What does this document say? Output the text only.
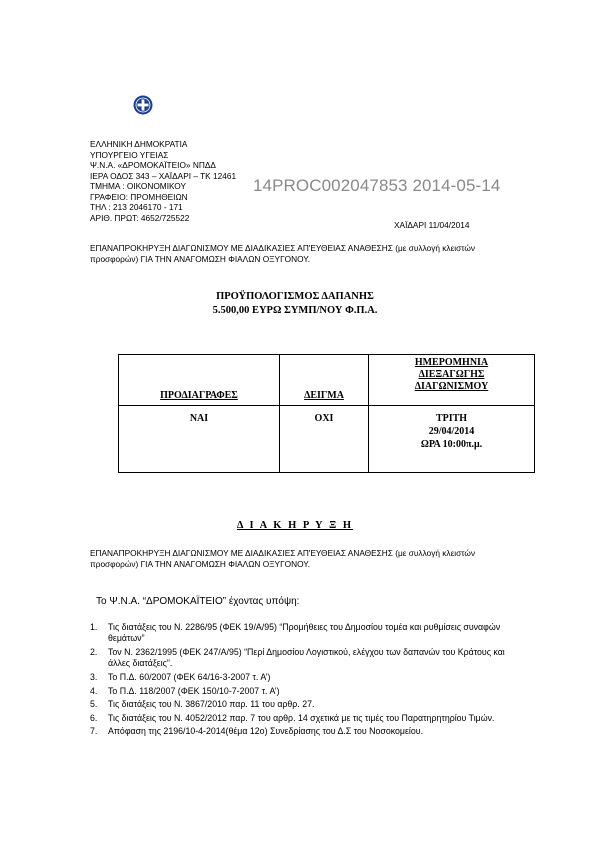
ΕΛΛΗΝΙΚΗ ΔΗΜΟΚΡΑΤΙΑ
ΥΠΟΥΡΓΕΙΟ ΥΓΕΙΑΣ
Ψ.Ν.Α. «ΔΡΟΜΟΚΑΪΤΕΙΟ» ΝΠΔΔ
ΙΕΡΑ ΟΔΟΣ 343 – ΧΑΪΔΑΡΙ – ΤΚ 12461
ΤΜΗΜΑ : ΟΙΚΟΝΟΜΙΚΟΥ
ΓΡΑΦΕΙΟ: ΠΡΟΜΗΘΕΙΩΝ
ΤΗΛ : 213 2046170 - 171
ΑΡΙΘ. ΠΡΩΤ: 4652/725522
14PROC002047853 2014-05-14
ΧΑΪΔΑΡΙ 11/04/2014
ΕΠΑΝΑΠΡΟΚΗΡΥΞΗ ΔΙΑΓΩΝΙΣΜΟΥ ΜΕ ΔΙΑΔΙΚΑΣΙΕΣ ΑΠ'ΕΥΘΕΙΑΣ ΑΝΑΘΕΣΗΣ (με συλλογή κλειστών προσφορών) ΓΙΑ ΤΗΝ ΑΝΑΓΟΜΩΣΗ ΦΙΑΛΩΝ ΟΞΥΓΟΝΟΥ.
ΠΡΟΫΠΟΛΟΓΙΣΜΟΣ ΔΑΠΑΝΗΣ
5.500,00 ΕΥΡΩ ΣΥΜΠ/ΝΟΥ Φ.Π.Α.
ΠΡΟΔΙΑΓΡΑΦΕΣ	ΔΕΙΓΜΑ	ΗΜΕΡΟΜΗΝΙΑ
ΔΙΕΞΑΓΩΓΗΣ
ΔΙΑΓΩΝΙΣΜΟΥ

ΝΑΙ	ΟΧΙ	ΤΡΙΤΗ
29/04/2014
ΩΡΑ 10:00π.μ.
Δ Ι Α Κ Η Ρ Υ Ξ Η
ΕΠΑΝΑΠΡΟΚΗΡΥΞΗ ΔΙΑΓΩΝΙΣΜΟΥ ΜΕ ΔΙΑΔΙΚΑΣΙΕΣ ΑΠ'ΕΥΘΕΙΑΣ ΑΝΑΘΕΣΗΣ (με συλλογή κλειστών προσφορών) ΓΙΑ ΤΗΝ ΑΝΑΓΟΜΩΣΗ ΦΙΑΛΩΝ ΟΞΥΓΟΝΟΥ.
Το Ψ.Ν.Α. “ΔΡΟΜΟΚΑΪΤΕΙΟ” έχοντας υπόψη:
1. Τις διατάξεις του Ν. 2286/95 (ΦΕΚ 19/Α/95) “Προμήθειες του Δημοσίου τομέα και ρυθμίσεις συναφών θεμάτων”
2. Τον Ν. 2362/1995 (ΦΕΚ 247/Α/95) “Περί Δημοσίου Λογιστικού, ελέγχου των δαπανών του Κράτους και άλλες διατάξεις”.
3. Το Π.Δ. 60/2007 (ΦΕΚ 64/16-3-2007 τ. Α’)
4. Το Π.Δ. 118/2007 (ΦΕΚ 150/10-7-2007 τ. Α’)
5. Τις διατάξεις του Ν. 3867/2010 παρ. 11 του αρθρ. 27.
6. Τις διατάξεις του Ν. 4052/2012 παρ. 7 του αρθρ. 14 σχετικά με τις τιμές του Παρατηρητηρίου Τιμών.
7. Απόφαση της 2196/10-4-2014(θέμα 12ο) Συνεδρίασης του Δ.Σ του Νοσοκομείου.
